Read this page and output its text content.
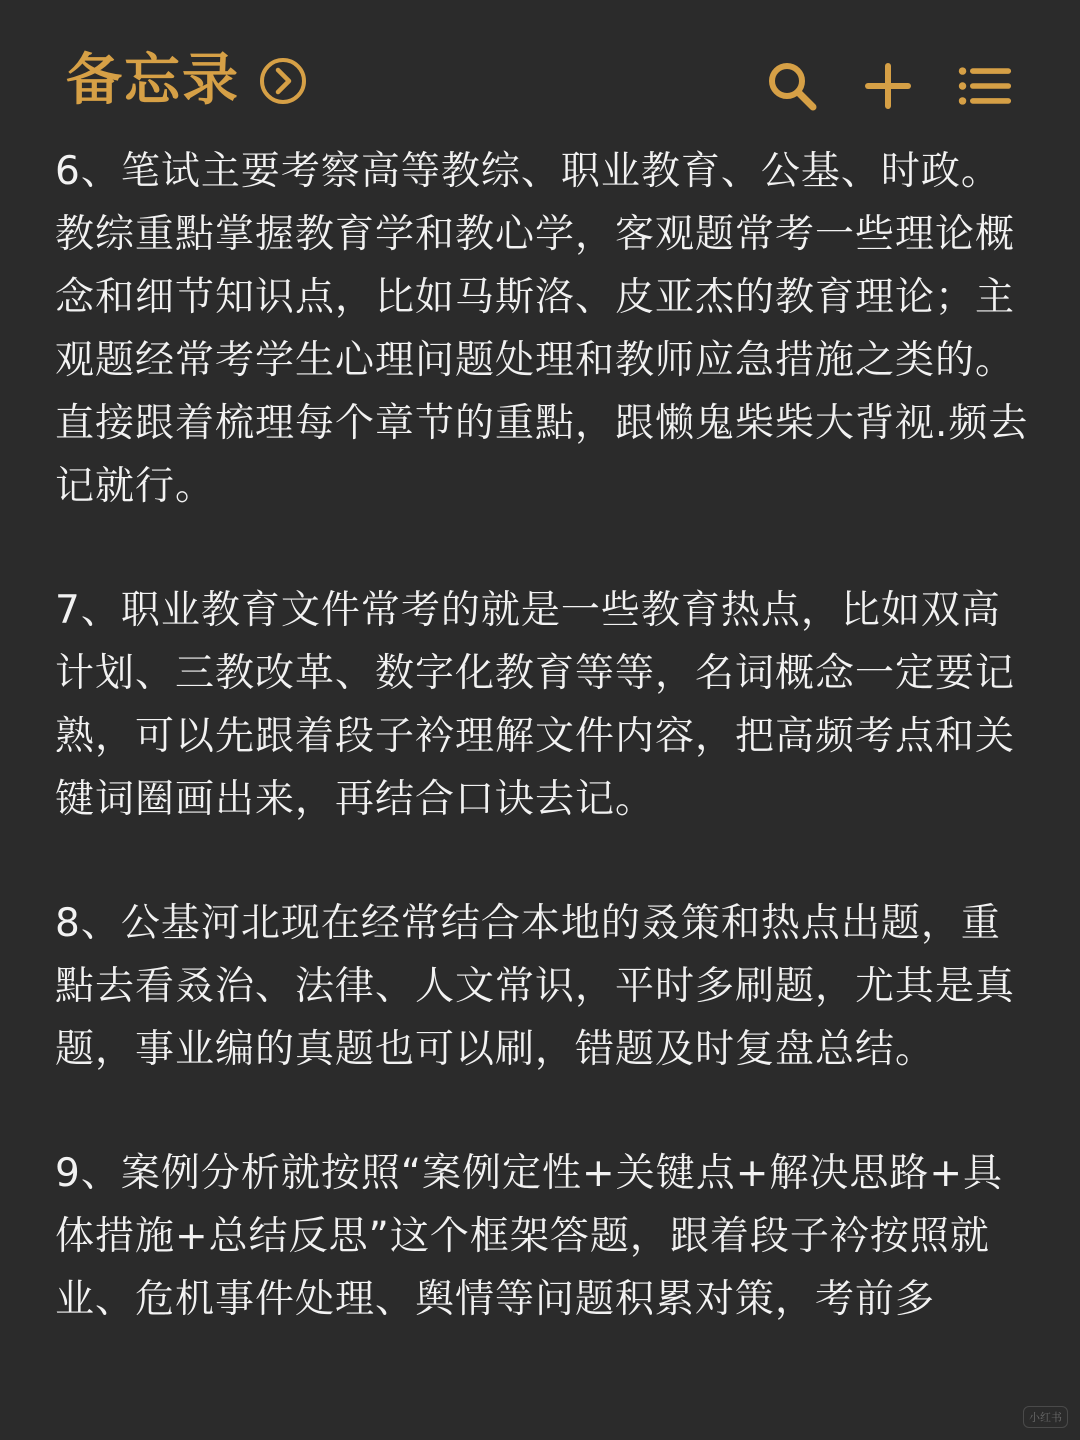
备忘录

6、笔试主要考察高等教综、职业教育、公基、时政。教综重點掌握教育学和教心学，客观题常考一些理论概念和细节知识点，比如马斯洛、皮亚杰的教育理论；主观题经常考学生心理问题处理和教师应急措施之类的。直接跟着梳理每个章节的重點，跟懒鬼柴柴大背视.频去记就行。

7、职业教育文件常考的就是一些教育热点，比如双高计划、三教改革、数字化教育等等，名词概念一定要记熟，可以先跟着段子衿理解文件内容，把高频考点和关键词圈画出来，再结合口诀去记。

8、公基河北现在经常结合本地的叒策和热点出题，重點去看叒治、法律、人文常识，平时多刷题，尤其是真题，事业编的真题也可以刷，错题及时复盘总结。

9、案例分析就按照“案例定性+关键点+解决思路+具体措施+总结反思”这个框架答题，跟着段子衿按照就业、危机事件处理、舆情等问题积累对策，考前多

小红书
